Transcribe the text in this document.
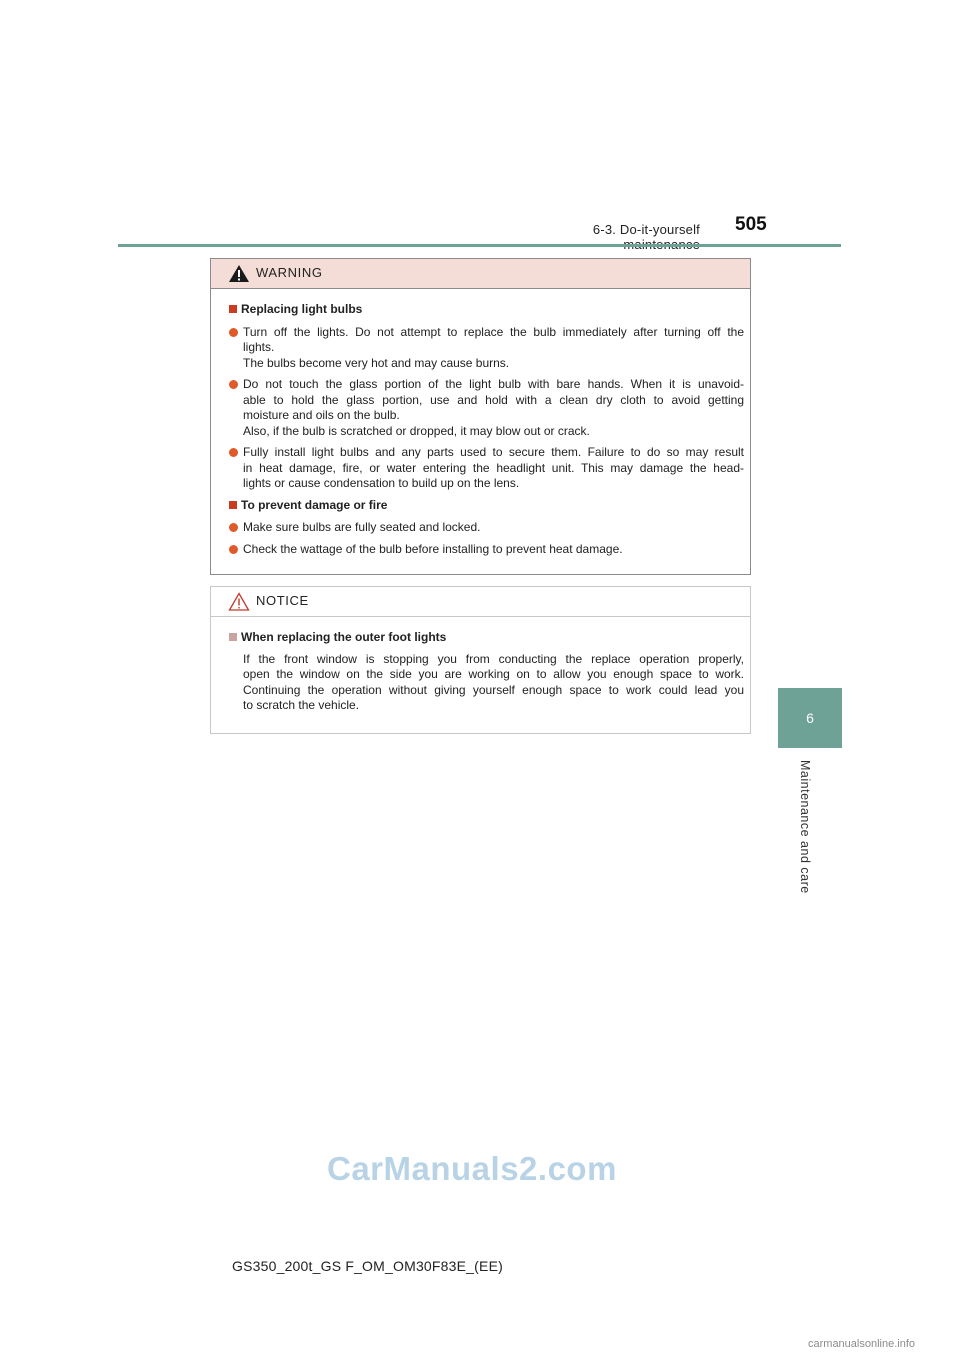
6-3. Do-it-yourself 505
6
Maintenance and care
WARNING
Replacing light bulbs
Turn off the lights. Do not attempt to replace the bulb immediately after turning off the
lights.
The bulbs become very hot and may cause burns.
Do not touch the glass portion of the light bulb with bare hands. When it is unavoid-
able to hold the glass portion, use and hold with a clean dry cloth to avoid getting
moisture and oils on the bulb.
Also, if the bulb is scratched or dropped, it may blow out or crack.
Fully install light bulbs and any parts used to secure them. Failure to do so may result
in heat damage, fire, or water entering the headlight unit. This may damage the head-
lights or cause condensation to build up on the lens.
To prevent damage or fire
Make sure bulbs are fully seated and locked.
Check the wattage of the bulb before installing to prevent heat damage.
NOTICE
When replacing the outer foot lights
If the front window is stopping you from conducting the replace operation properly,
open the window on the side you are working on to allow you enough space to work.
Continuing the operation without giving yourself enough space to work could lead you
to scratch the vehicle.
CarManuals2.com
GS350_200t_GS F_OM_OM30F83E_(EE)
carmanualsonline.info
